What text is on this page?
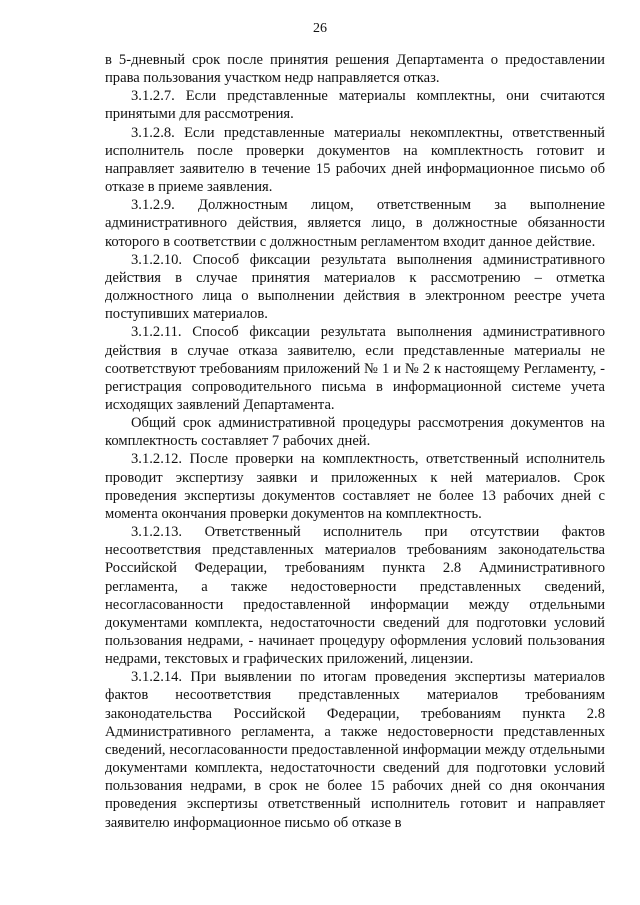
26

в 5-дневный срок после принятия решения Департамента о предоставлении права пользования участком недр направляется отказ.

3.1.2.7. Если представленные материалы комплектны, они считаются принятыми для рассмотрения.

3.1.2.8. Если представленные материалы некомплектны, ответственный исполнитель после проверки документов на комплектность готовит и направляет заявителю в течение 15 рабочих дней информационное письмо об отказе в приеме заявления.

3.1.2.9. Должностным лицом, ответственным за выполнение административного действия, является лицо, в должностные обязанности которого в соответствии с должностным регламентом входит данное действие.

3.1.2.10. Способ фиксации результата выполнения административного действия в случае принятия материалов к рассмотрению – отметка должностного лица о выполнении действия в электронном реестре учета поступивших материалов.

3.1.2.11. Способ фиксации результата выполнения административного действия в случае отказа заявителю, если представленные материалы не соответствуют требованиям приложений № 1 и № 2 к настоящему Регламенту, - регистрация сопроводительного письма в информационной системе учета исходящих заявлений Департамента.

Общий срок административной процедуры рассмотрения документов на комплектность составляет 7 рабочих дней.

3.1.2.12. После проверки на комплектность, ответственный исполнитель проводит экспертизу заявки и приложенных к ней материалов. Срок проведения экспертизы документов составляет не более 13 рабочих дней с момента окончания проверки документов на комплектность.

3.1.2.13. Ответственный исполнитель при отсутствии фактов несоответствия представленных материалов требованиям законодательства Российской Федерации, требованиям пункта 2.8 Административного регламента, а также недостоверности представленных сведений, несогласованности предоставленной информации между отдельными документами комплекта, недостаточности сведений для подготовки условий пользования недрами, - начинает процедуру оформления условий пользования недрами, текстовых и графических приложений, лицензии.

3.1.2.14. При выявлении по итогам проведения экспертизы материалов фактов несоответствия представленных материалов требованиям законодательства Российской Федерации, требованиям пункта 2.8 Административного регламента, а также недостоверности представленных сведений, несогласованности предоставленной информации между отдельными документами комплекта, недостаточности сведений для подготовки условий пользования недрами, в срок не более 15 рабочих дней со дня окончания проведения экспертизы ответственный исполнитель готовит и направляет заявителю информационное письмо об отказе в
